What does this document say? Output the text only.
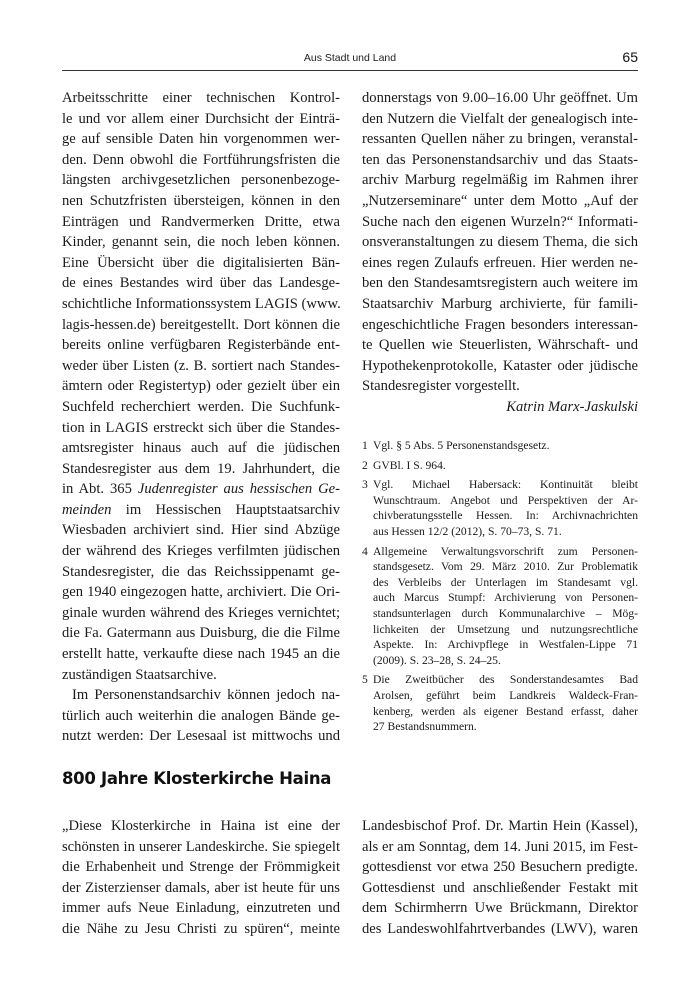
Aus Stadt und Land	65
Arbeitsschritte einer technischen Kontrol-
le und vor allem einer Durchsicht der Einträ-
ge auf sensible Daten hin vorgenommen wer-
den. Denn obwohl die Fortführungsfristen die
längsten archivgesetzlichen personenbezoge-
nen Schutzfristen übersteigen, können in den
Einträgen und Randvermerken Dritte, etwa
Kinder, genannt sein, die noch leben können.
Eine Übersicht über die digitalisierten Bän-
de eines Bestandes wird über das Landesge-
schichtliche Informationssystem LAGIS (www.
lagis-hessen.de) bereitgestellt. Dort können die
bereits online verfügbaren Registerbände ent-
weder über Listen (z. B. sortiert nach Standes-
ämtern oder Registertyp) oder gezielt über ein
Suchfeld recherchiert werden. Die Suchfunk-
tion in LAGIS erstreckt sich über die Standes-
amtsregister hinaus auch auf die jüdischen
Standesregister aus dem 19. Jahrhundert, die
in Abt. 365 Judenregister aus hessischen Ge-
meinden im Hessischen Hauptstaatsarchiv
Wiesbaden archiviert sind. Hier sind Abzüge
der während des Krieges verfilmten jüdischen
Standesregister, die das Reichssippenamt ge-
gen 1940 eingezogen hatte, archiviert. Die Ori-
ginale wurden während des Krieges vernichtet;
die Fa. Gatermann aus Duisburg, die die Filme
erstellt hatte, verkaufte diese nach 1945 an die
zuständigen Staatsarchive.
Im Personenstandsarchiv können jedoch na-
türlich auch weiterhin die analogen Bände ge-
nutzt werden: Der Lesesaal ist mittwochs und
donnerstags von 9.00–16.00 Uhr geöffnet. Um
den Nutzern die Vielfalt der genealogisch inte-
ressanten Quellen näher zu bringen, veranstal-
ten das Personenstandsarchiv und das Staats-
archiv Marburg regelmäßig im Rahmen ihrer
„Nutzerseminare“ unter dem Motto „Auf der
Suche nach den eigenen Wurzeln?“ Informati-
onsveranstaltungen zu diesem Thema, die sich
eines regen Zulaufs erfreuen. Hier werden ne-
ben den Standesamtsregistern auch weitere im
Staatsarchiv Marburg archivierte, für famili-
engeschichtliche Fragen besonders interessan-
te Quellen wie Steuerlisten, Währschaft- und
Hypothekenprotokolle, Kataster oder jüdische
Standesregister vorgestellt.
Katrin Marx-Jaskulski
1 Vgl. § 5 Abs. 5 Personenstandsgesetz.
2 GVBl. I S. 964.
3 Vgl. Michael Habersack: Kontinuität bleibt
Wunschtraum. Angebot und Perspektiven der Ar-
chivberatungsstelle Hessen. In: Archivnachrichten
aus Hessen 12/2 (2012), S. 70–73, S. 71.
4 Allgemeine Verwaltungsvorschrift zum Personen-
standsgesetz. Vom 29. März 2010. Zur Problematik
des Verbleibs der Unterlagen im Standesamt vgl.
auch Marcus Stumpf: Archivierung von Personen-
standsunterlagen durch Kommunalarchive – Mög-
lichkeiten der Umsetzung und nutzungsrechtliche
Aspekte. In: Archivpflege in Westfalen-Lippe 71
(2009). S. 23–28, S. 24–25.
5 Die Zweitbücher des Sonderstandesamtes Bad
Arolsen, geführt beim Landkreis Waldeck-Fran-
kenberg, werden als eigener Bestand erfasst, daher
27 Bestandsnummern.
800 Jahre Klosterkirche Haina
„Diese Klosterkirche in Haina ist eine der
schönsten in unserer Landeskirche. Sie spiegelt
die Erhabenheit und Strenge der Frömmigkeit
der Zisterzienser damals, aber ist heute für uns
immer aufs Neue Einladung, einzutreten und
die Nähe zu Jesu Christi zu spüren“, meinte
Landesbischof Prof. Dr. Martin Hein (Kassel),
als er am Sonntag, dem 14. Juni 2015, im Fest-
gottesdienst vor etwa 250 Besuchern predigte.
Gottesdienst und anschließender Festakt mit
dem Schirmherrn Uwe Brückmann, Direktor
des Landeswohlfahrtverbandes (LWV), waren
